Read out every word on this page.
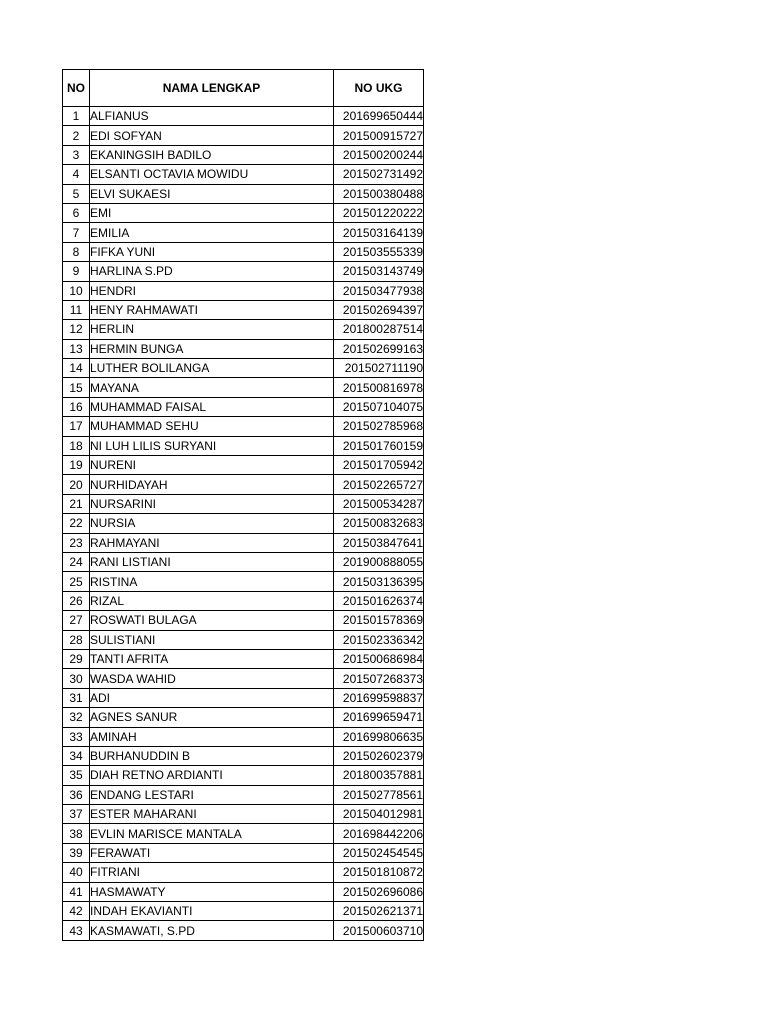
NO	NAMA LENGKAP	NO UKG
1	ALFIANUS	201699650444
2	EDI SOFYAN	201500915727
3	EKANINGSIH BADILO	201500200244
4	ELSANTI OCTAVIA MOWIDU	201502731492
5	ELVI SUKAESI	201500380488
6	EMI	201501220222
7	EMILIA	201503164139
8	FIFKA YUNI	201503555339
9	HARLINA S.PD	201503143749
10	HENDRI	201503477938
11	HENY RAHMAWATI	201502694397
12	HERLIN	201800287514
13	HERMIN BUNGA	201502699163
14	LUTHER BOLILANGA	201502711190
15	MAYANA	201500816978
16	MUHAMMAD FAISAL	201507104075
17	MUHAMMAD SEHU	201502785968
18	NI LUH LILIS SURYANI	201501760159
19	NURENI	201501705942
20	NURHIDAYAH	201502265727
21	NURSARINI	201500534287
22	NURSIA	201500832683
23	RAHMAYANI	201503847641
24	RANI LISTIANI	201900888055
25	RISTINA	201503136395
26	RIZAL	201501626374
27	ROSWATI BULAGA	201501578369
28	SULISTIANI	201502336342
29	TANTI AFRITA	201500686984
30	WASDA WAHID	201507268373
31	ADI	201699598837
32	AGNES SANUR	201699659471
33	AMINAH	201699806635
34	BURHANUDDIN B	201502602379
35	DIAH RETNO ARDIANTI	201800357881
36	ENDANG LESTARI	201502778561
37	ESTER MAHARANI	201504012981
38	EVLIN MARISCE MANTALA	201698442206
39	FERAWATI	201502454545
40	FITRIANI	201501810872
41	HASMAWATY	201502696086
42	INDAH EKAVIANTI	201502621371
43	KASMAWATI, S.PD	201500603710
